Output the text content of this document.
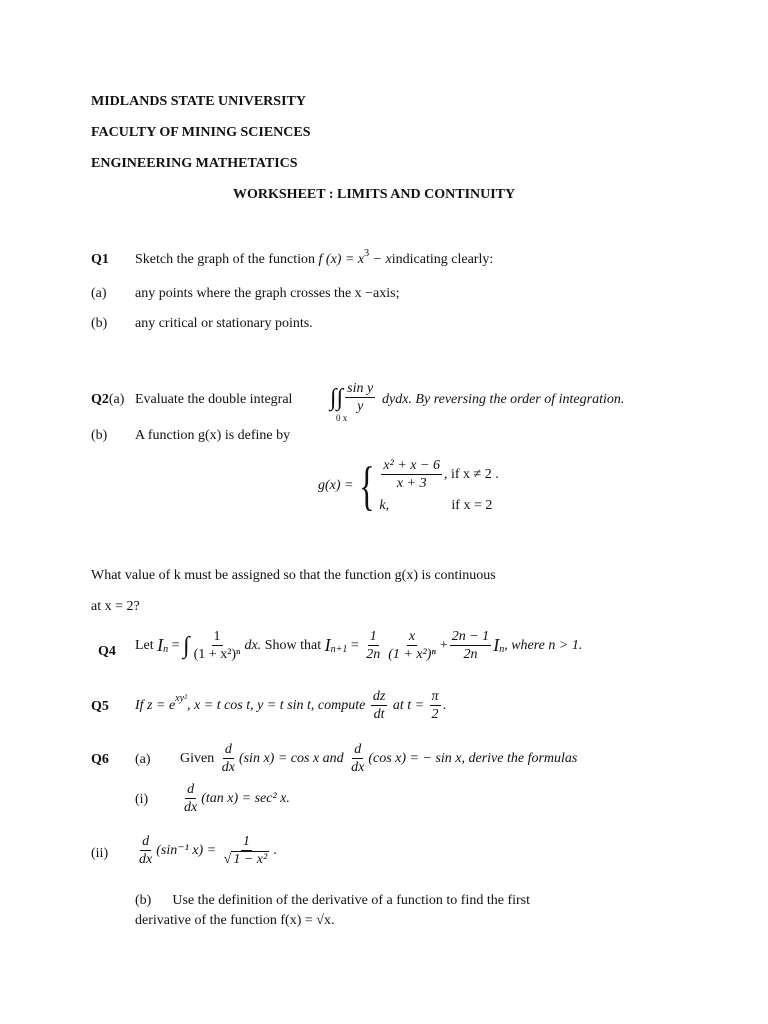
MIDLANDS STATE UNIVERSITY
FACULTY OF MINING SCIENCES
ENGINEERING MATHETATICS
WORKSHEET : LIMITS AND CONTINUITY
Q1 Sketch the graph of the function f $(x) = x^3$ − xindicating clearly:
(a) any points where the graph crosses the x −axis;
(b) any critical or stationary points.
Q2(a) Evaluate the double integral ∫∫ $\frac{\text{sin y}}{y}$
0 x
dydx. By reversing the order of integration.
(b) A function g(x) is define by
g(x) = { $\frac{\text{x² + x − 6}}{x + 3}$ , if x ≠ 2 .
k,	if x = 2
What value of k must be assigned so that the function g(x) is continuous
at x = 2?
Q4 Let
I n = ∫ $\frac{1}{\text{(1 + x²)ⁿ}}$ dx.
Show that
I $n+1 = \frac{1}{2n} \frac{x}{\text{(1 + x²)ⁿ}} + \frac{2n - 1}{2n}$ I n , where n > 1.
Q5 If z = e xy² , x = t cos t, y = t sin t, compute
$\frac{dz}{dt}$
at t =
$\frac{\pi}{2}$ .
Q6 (a) Given
$\frac{d}{dx} (\sin$ x) = cos x and
$\frac{d}{dx} (\cos$ x) = − sin x, derive the formulas
$(i) \frac{d}{dx} (\tan$ x) = sec² x.
$(ii) \frac{d}{dx} (\sin^{-1}$ x) =
$\frac{1}{\text{√ 1 − x²}}$ .
(b) Use the definition of the derivative of a function to find the first
derivative of the function f(x) = √x.
